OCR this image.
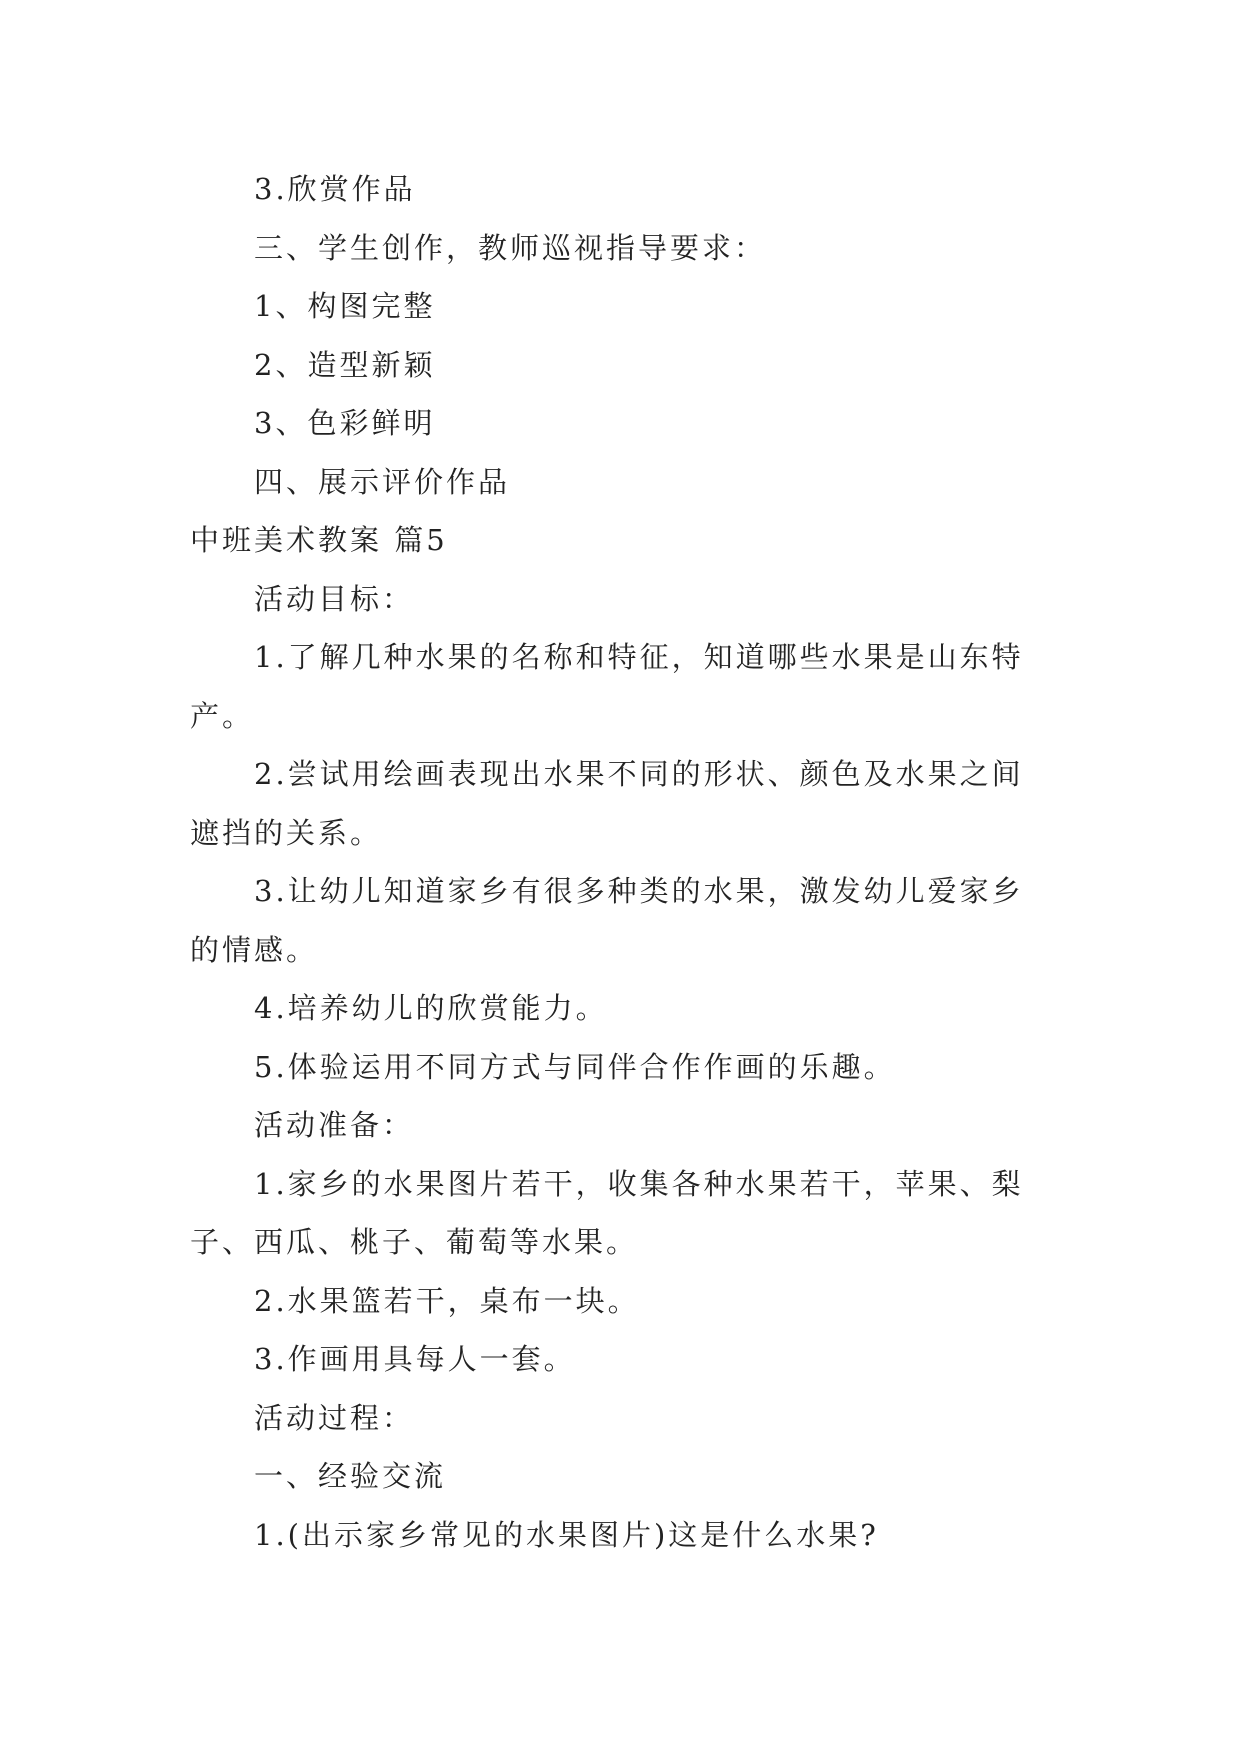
3.欣赏作品

三、学生创作，教师巡视指导要求：

1、构图完整

2、造型新颖

3、色彩鲜明

四、展示评价作品

中班美术教案 篇5

活动目标：

1.了解几种水果的名称和特征，知道哪些水果是山东特产。

2.尝试用绘画表现出水果不同的形状、颜色及水果之间遮挡的关系。

3.让幼儿知道家乡有很多种类的水果，激发幼儿爱家乡的情感。

4.培养幼儿的欣赏能力。

5.体验运用不同方式与同伴合作作画的乐趣。

活动准备：

1.家乡的水果图片若干，收集各种水果若干，苹果、梨子、西瓜、桃子、葡萄等水果。

2.水果篮若干，桌布一块。

3.作画用具每人一套。

活动过程：

一、经验交流

1.(出示家乡常见的水果图片)这是什么水果?
